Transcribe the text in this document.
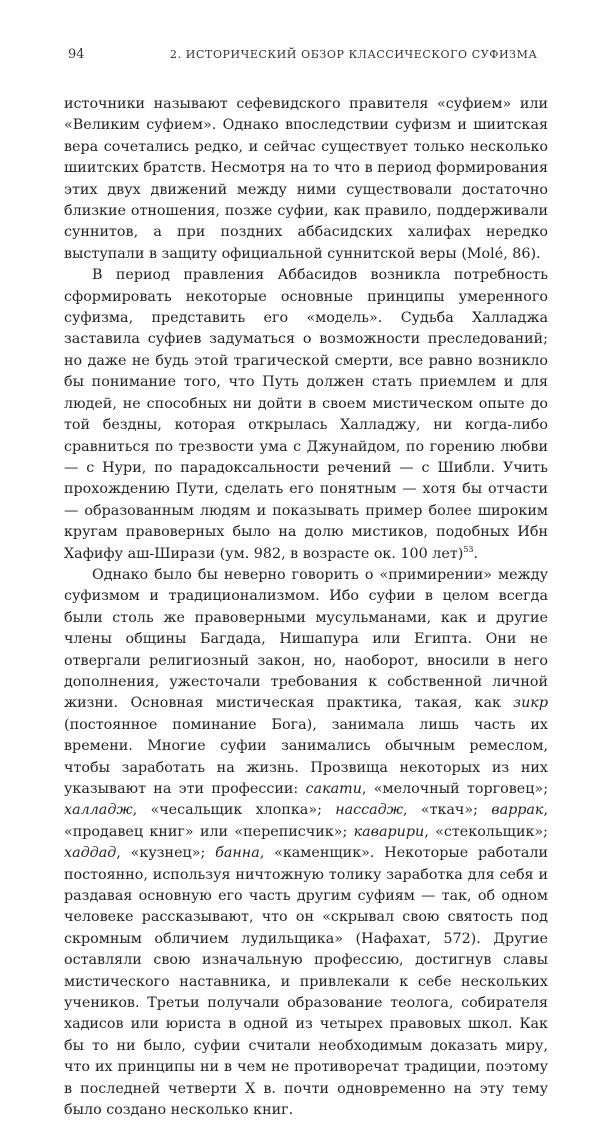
94	2. ИСТОРИЧЕСКИЙ ОБЗОР КЛАССИЧЕСКОГО СУФИЗМА

источники называют сефевидского правителя «суфием» или «Великим суфием». Однако впоследствии суфизм и шиитская вера сочетались редко, и сейчас существует только несколько шиитских братств. Несмотря на то что в период формирования этих двух движений между ними существовали достаточно близкие отношения, позже суфии, как правило, поддерживали суннитов, а при поздних аббасидских халифах нередко выступали в защиту официальной суннитской веры (Molé, 86).

В период правления Аббасидов возникла потребность сформировать некоторые основные принципы умеренного суфизма, представить его «модель». Судьба Халладжа заставила суфиев задуматься о возможности преследований; но даже не будь этой трагической смерти, все равно возникло бы понимание того, что Путь должен стать приемлем и для людей, не способных ни дойти в своем мистическом опыте до той бездны, которая открылась Халладжу, ни когда-либо сравниться по трезвости ума с Джунайдом, по горению любви — с Нури, по парадоксальности речений — с Шибли. Учить прохождению Пути, сделать его понятным — хотя бы отчасти — образованным людям и показывать пример более широким кругам правоверных было на долю мистиков, подобных Ибн Хафифу аш-Ширази (ум. 982, в возрасте ок. 100 лет)$^{53}$.

Однако было бы неверно говорить о «примирении» между суфизмом и традиционализмом. Ибо суфии в целом всегда были столь же правоверными мусульманами, как и другие члены общины Багдада, Нишапура или Египта. Они не отвергали религиозный закон, но, наоборот, вносили в него дополнения, ужесточали требования к собственной личной жизни. Основная мистическая практика, такая, как зикр (постоянное поминание Бога), занимала лишь часть их времени. Многие суфии занимались обычным ремеслом, чтобы заработать на жизнь. Прозвища некоторых из них указывают на эти профессии: сакати, «мелочный торговец»; халладж, «чесальщик хлопка»; нассадж, «ткач»; варрак, «продавец книг» или «переписчик»; каварири, «стекольщик»; хаддад, «кузнец»; банна, «каменщик». Некоторые работали постоянно, используя ничтожную толику заработка для себя и раздавая основную его часть другим суфиям — так, об одном человеке рассказывают, что он «скрывал свою святость под скромным обличием лудильщика» (Нафахат, 572). Другие оставляли свою изначальную профессию, достигнув славы мистического наставника, и привлекали к себе нескольких учеников. Третьи получали образование теолога, собирателя хадисов или юриста в одной из четырех правовых школ. Как бы то ни было, суфии считали необходимым доказать миру, что их принципы ни в чем не противоречат традиции, поэтому в последней четверти X в. почти одновременно на эту тему было создано несколько книг.
